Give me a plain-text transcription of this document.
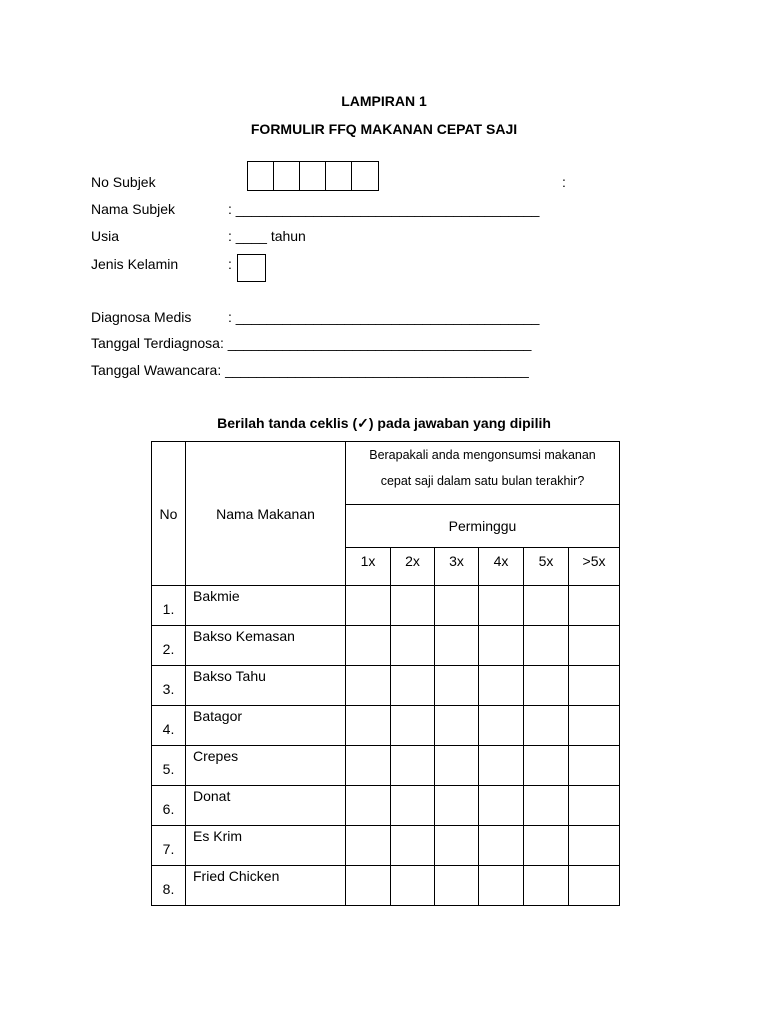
LAMPIRAN 1
FORMULIR FFQ MAKANAN CEPAT SAJI
No Subjek	:
Nama Subjek	: _______________________________________
Usia	: ____ tahun
Jenis Kelamin	:
Diagnosa Medis	: _______________________________________
Tanggal Terdiagnosa: _______________________________________
Tanggal Wawancara: _______________________________________
Berilah tanda ceklis (✓) pada jawaban yang dipilih
No	Nama Makanan	Berapakali anda mengonsumsi makanan
cepat saji dalam satu bulan terakhir?					

		Perminggu					
		1x	2x	3x	4x	5x	>5x
1.	Bakmie						
2.	Bakso Kemasan						
3.	Bakso Tahu						
4.	Batagor						
5.	Crepes						
6.	Donat						
7.	Es Krim						
8.	Fried Chicken						
